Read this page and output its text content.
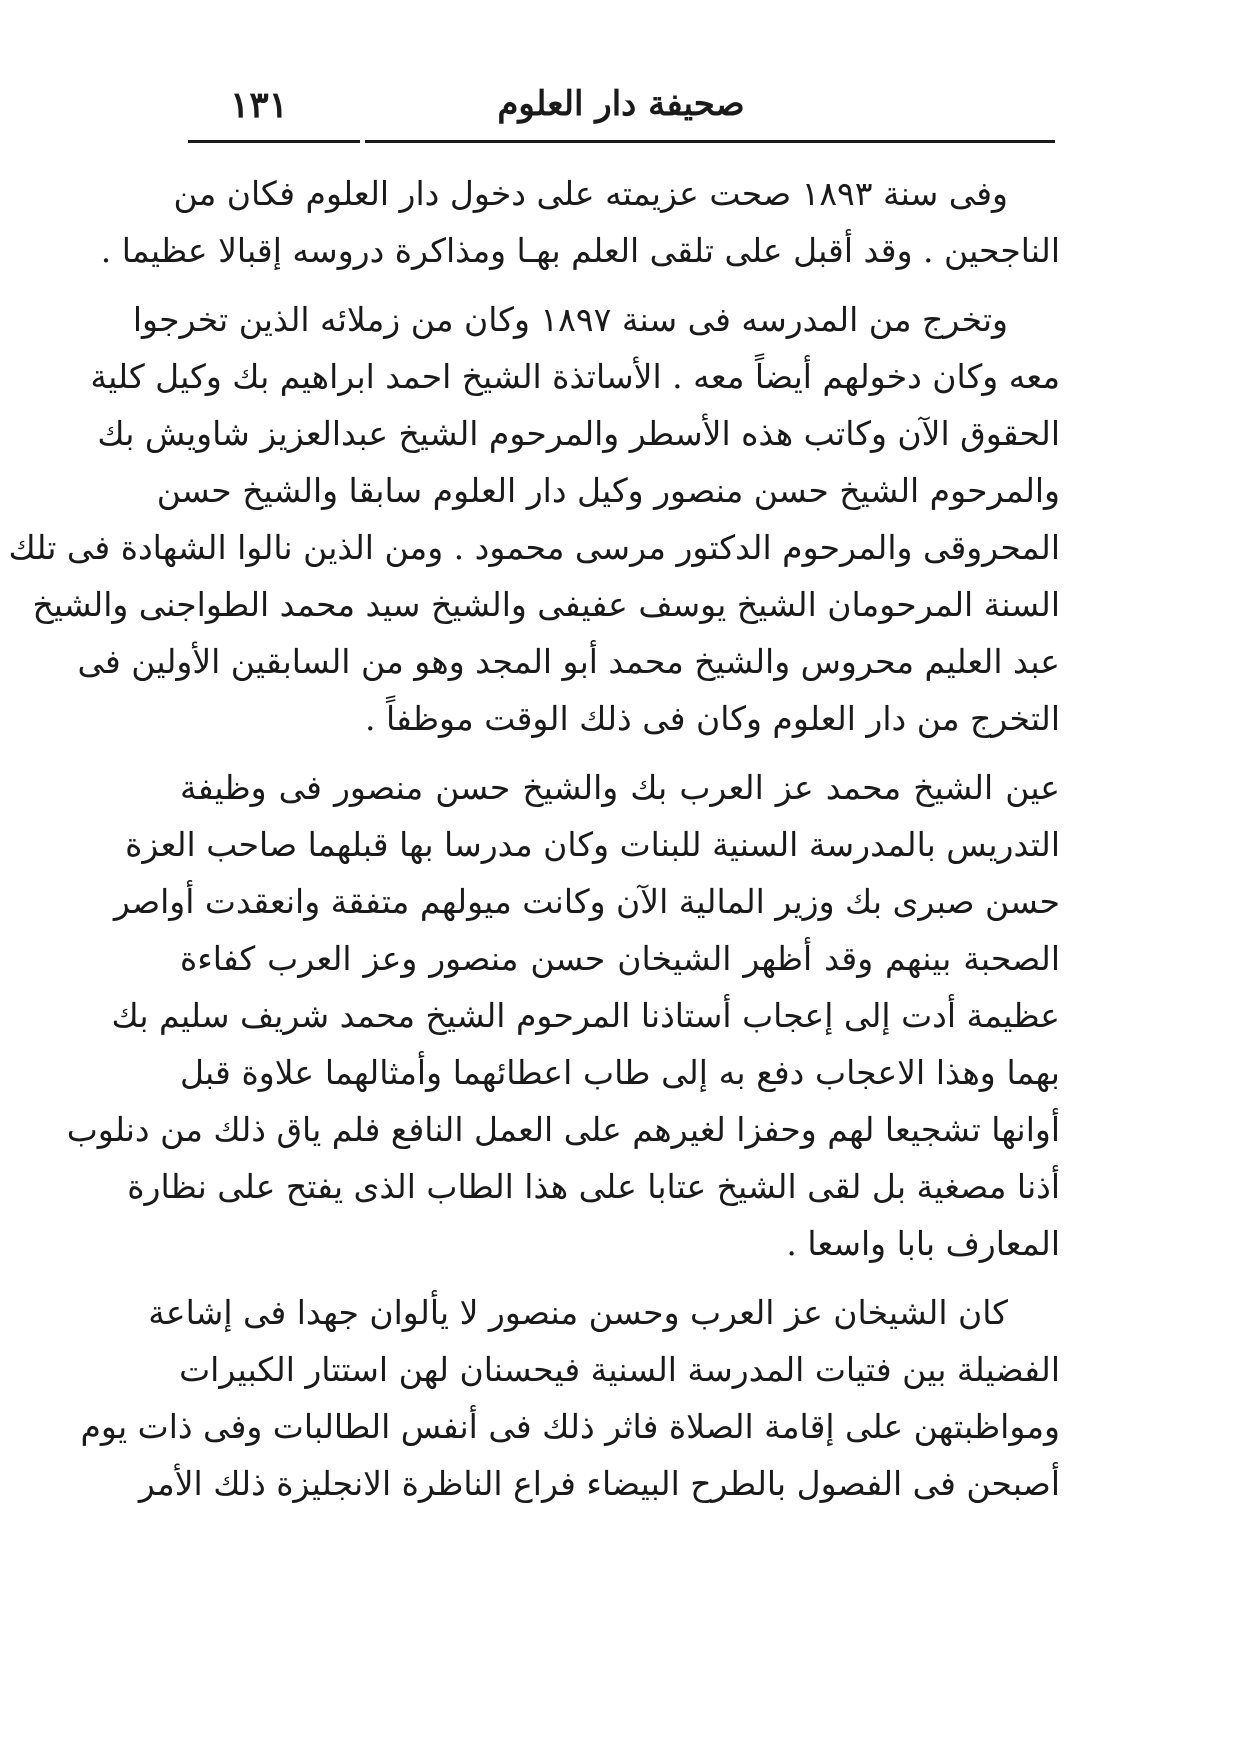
صحيفة دار العلوم
١٣١
وفى سنة ١٨٩٣ صحت عزيمته على دخول دار العلوم فكان من
الناجحين . وقد أقبل على تلقى العلم بهـا ومذاكرة دروسه إقبالا عظيما .
وتخرج من المدرسه فى سنة ١٨٩٧ وكان من زملائه الذين تخرجوا
معه وكان دخولهم أيضاً معه . الأساتذة الشيخ احمد ابراهيم بك وكيل كلية
الحقوق الآن وكاتب هذه الأسطر والمرحوم الشيخ عبدالعزيز شاويش بك
والمرحوم الشيخ حسن منصور وكيل دار العلوم سابقا والشيخ حسن
المحروقى والمرحوم الدكتور مرسى محمود . ومن الذين نالوا الشهادة فى تلك
السنة المرحومان الشيخ يوسف عفيفى والشيخ سيد محمد الطواجنى والشيخ
عبد العليم محروس والشيخ محمد أبو المجد وهو من السابقين الأولين فى
التخرج من دار العلوم وكان فى ذلك الوقت موظفاً .
عين الشيخ محمد عز العرب بك والشيخ حسن منصور فى وظيفة
التدريس بالمدرسة السنية للبنات وكان مدرسا بها قبلهما صاحب العزة
حسن صبرى بك وزير المالية الآن وكانت ميولهم متفقة وانعقدت أواصر
الصحبة بينهم وقد أظهر الشيخان حسن منصور وعز العرب كفاءة
عظيمة أدت إلى إعجاب أستاذنا المرحوم الشيخ محمد شريف سليم بك
بهما وهذا الاعجاب دفع به إلى طاب اعطائهما وأمثالهما علاوة قبل
أوانها تشجيعا لهم وحفزا لغيرهم على العمل النافع فلم ياق ذلك من دنلوب
أذنا مصغية بل لقى الشيخ عتابا على هذا الطاب الذى يفتح على نظارة
المعارف بابا واسعا .
كان الشيخان عز العرب وحسن منصور لا يألوان جهدا فى إشاعة
الفضيلة بين فتيات المدرسة السنية فيحسنان لهن استتار الكبيرات
ومواظبتهن على إقامة الصلاة فاثر ذلك فى أنفس الطالبات وفى ذات يوم
أصبحن فى الفصول بالطرح البيضاء فراع الناظرة الانجليزة ذلك الأمر
